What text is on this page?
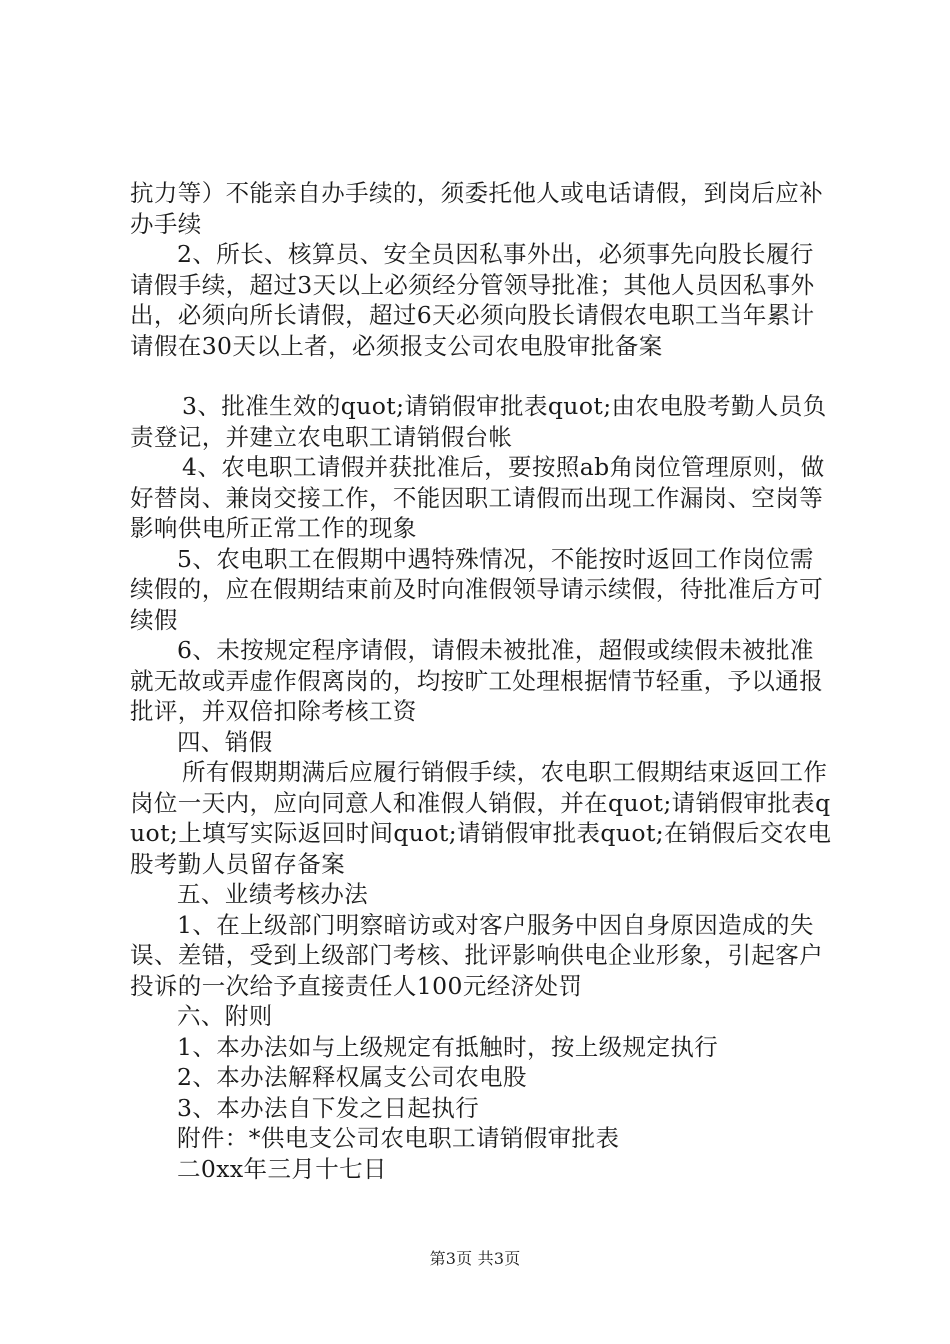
抗力等）不能亲自办手续的，须委托他人或电话请假，到岗后应补办手续

2、所长、核算员、安全员因私事外出，必须事先向股长履行请假手续，超过3天以上必须经分管领导批准；其他人员因私事外出，必须向所长请假，超过6天必须向股长请假农电职工当年累计请假在30天以上者，必须报支公司农电股审批备案

3、批准生效的quot;请销假审批表quot;由农电股考勤人员负责登记，并建立农电职工请销假台帐

4、农电职工请假并获批准后，要按照ab角岗位管理原则，做好替岗、兼岗交接工作，不能因职工请假而出现工作漏岗、空岗等影响供电所正常工作的现象

5、农电职工在假期中遇特殊情况，不能按时返回工作岗位需续假的，应在假期结束前及时向准假领导请示续假，待批准后方可续假

6、未按规定程序请假，请假未被批准，超假或续假未被批准就无故或弄虚作假离岗的，均按旷工处理根据情节轻重，予以通报批评，并双倍扣除考核工资

四、销假

所有假期期满后应履行销假手续，农电职工假期结束返回工作岗位一天内，应向同意人和准假人销假，并在quot;请销假审批表quot;上填写实际返回时间quot;请销假审批表quot;在销假后交农电股考勤人员留存备案

五、业绩考核办法

1、在上级部门明察暗访或对客户服务中因自身原因造成的失误、差错，受到上级部门考核、批评影响供电企业形象，引起客户投诉的一次给予直接责任人100元经济处罚

六、附则

1、本办法如与上级规定有抵触时，按上级规定执行

2、本办法解释权属支公司农电股

3、本办法自下发之日起执行

附件：*供电支公司农电职工请销假审批表

二0xx年三月十七日

第3页 共3页
